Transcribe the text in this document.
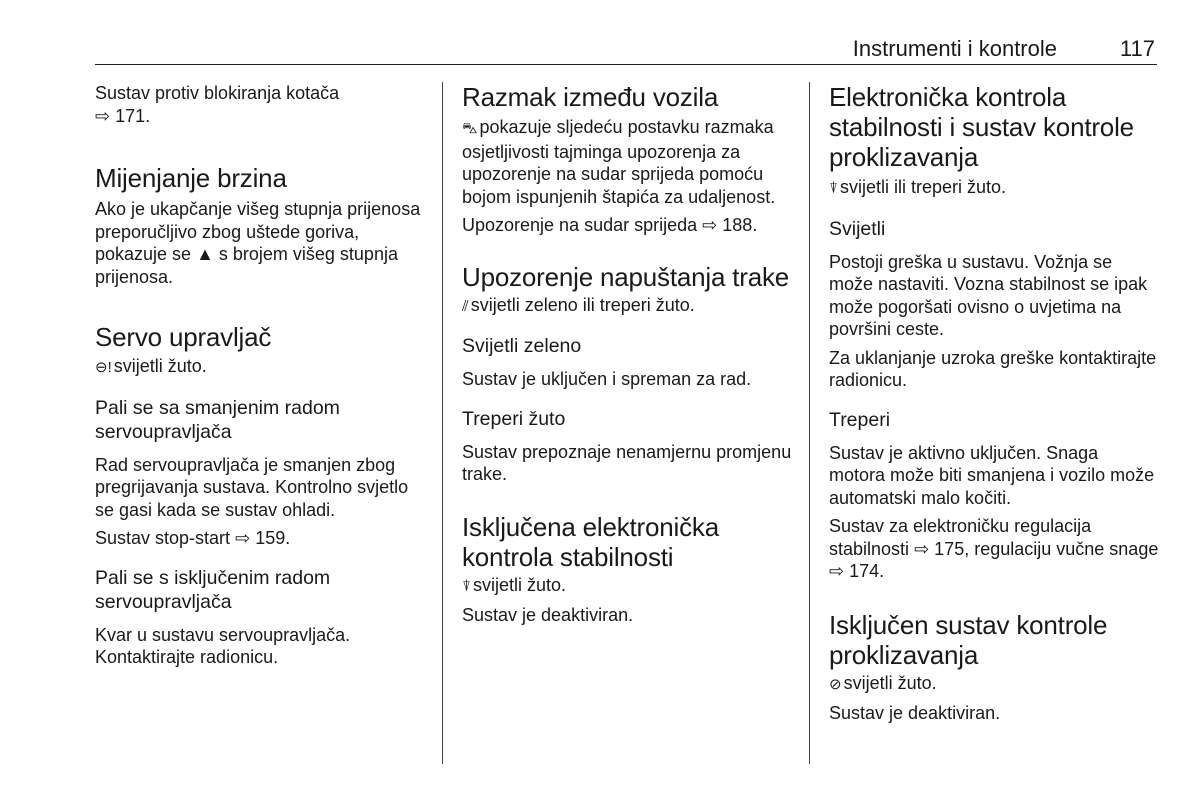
Instrumenti i kontrole	117

Sustav protiv blokiranja kotača
⇨ 171.

Mijenjanje brzina

Ako je ukapčanje višeg stupnja prijenosa preporučljivo zbog uštede goriva, pokazuje se ▲ s brojem višeg stupnja prijenosa.

Servo upravljač

⊖! svijetli žuto.

Pali se sa smanjenim radom servoupravljača

Rad servoupravljača je smanjen zbog pregrijavanja sustava. Kontrolno svjetlo se gasi kada se sustav ohladi.

Sustav stop-start ⇨ 159.

Pali se s isključenim radom servoupravljača

Kvar u sustavu servoupravljača. Kontaktirajte radionicu.

Razmak između vozila

⛍ pokazuje sljedeću postavku razmaka osjetljivosti tajminga upozorenja za upozorenje na sudar sprijeda pomoću bojom ispunjenih štapića za udaljenost.

Upozorenje na sudar sprijeda ⇨ 188.

Upozorenje napuštanja trake

⫽ svijetli zeleno ili treperi žuto.

Svijetli zeleno

Sustav je uključen i spreman za rad.

Treperi žuto

Sustav prepoznaje nenamjernu promjenu trake.

Isključena elektronička kontrola stabilnosti

⍒ svijetli žuto.

Sustav je deaktiviran.

Elektronička kontrola stabilnosti i sustav kontrole proklizavanja

⍒ svijetli ili treperi žuto.

Svijetli

Postoji greška u sustavu. Vožnja se može nastaviti. Vozna stabilnost se ipak može pogoršati ovisno o uvjetima na površini ceste.

Za uklanjanje uzroka greške kontaktirajte radionicu.

Treperi

Sustav je aktivno uključen. Snaga motora može biti smanjena i vozilo može automatski malo kočiti.

Sustav za elektroničku regulacija stabilnosti ⇨ 175, regulaciju vučne snage ⇨ 174.

Isključen sustav kontrole proklizavanja

⊘ svijetli žuto.

Sustav je deaktiviran.
